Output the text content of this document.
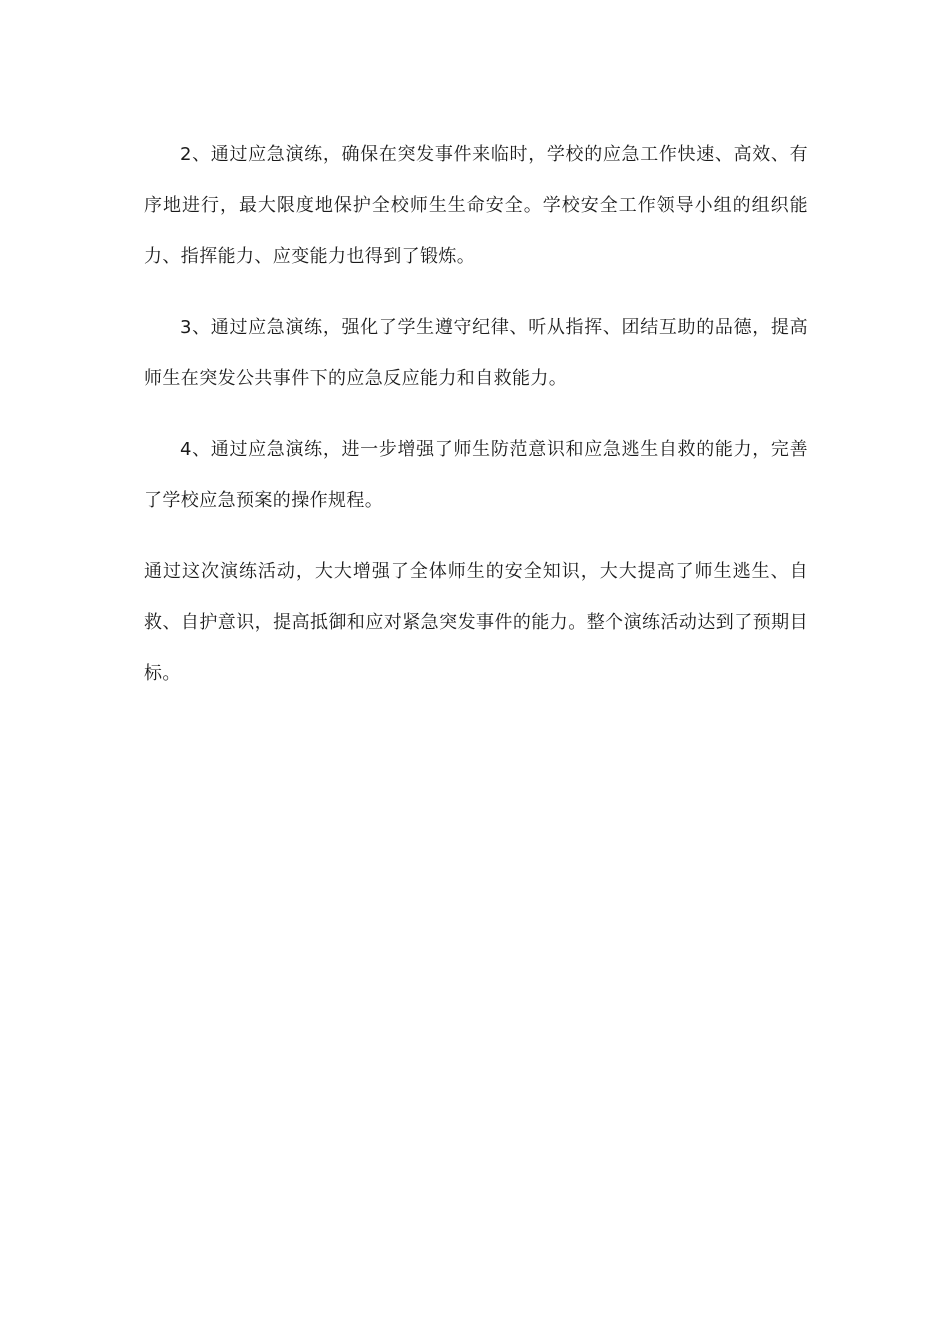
2、通过应急演练，确保在突发事件来临时，学校的应急工作快速、高效、有序地进行，最大限度地保护全校师生生命安全。学校安全工作领导小组的组织能力、指挥能力、应变能力也得到了锻炼。

3、通过应急演练，强化了学生遵守纪律、听从指挥、团结互助的品德，提高师生在突发公共事件下的应急反应能力和自救能力。

4、通过应急演练，进一步增强了师生防范意识和应急逃生自救的能力，完善了学校应急预案的操作规程。

通过这次演练活动，大大增强了全体师生的安全知识，大大提高了师生逃生、自救、自护意识，提高抵御和应对紧急突发事件的能力。整个演练活动达到了预期目标。
